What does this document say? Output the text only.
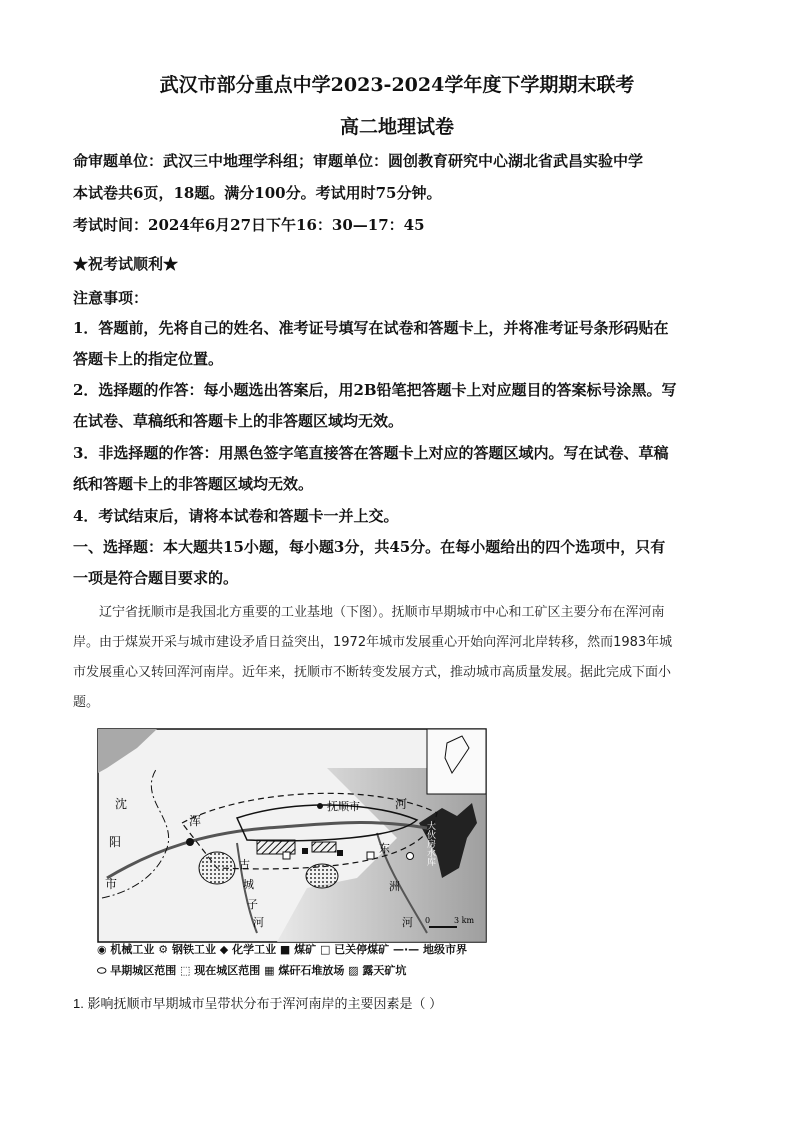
武汉市部分重点中学2023-2024学年度下学期期末联考
高二地理试卷
命审题单位：武汉三中地理学科组；审题单位：圆创教育研究中心湖北省武昌实验中学
本试卷共6页，18题。满分100分。考试用时75分钟。
考试时间：2024年6月27日下午16：30—17：45
★祝考试顺利★
注意事项：
1．答题前，先将自己的姓名、准考证号填写在试卷和答题卡上，并将准考证号条形码贴在
答题卡上的指定位置。
2．选择题的作答：每小题选出答案后，用2B铅笔把答题卡上对应题目的答案标号涂黑。写
在试卷、草稿纸和答题卡上的非答题区域均无效。
3．非选择题的作答：用黑色签字笔直接答在答题卡上对应的答题区域内。写在试卷、草稿
纸和答题卡上的非答题区域均无效。
4．考试结束后，请将本试卷和答题卡一并上交。
一、选择题：本大题共15小题，每小题3分，共45分。在每小题给出的四个选项中，只有
一项是符合题目要求的。
辽宁省抚顺市是我国北方重要的工业基地（下图）。抚顺市早期城市中心和工矿区主要分布在浑河南
岸。由于煤炭开采与城市建设矛盾日益突出，1972年城市发展重心开始向浑河北岸转移，然而1983年城
市发展重心又转回浑河南岸。近年来，抚顺市不断转变发展方式，推动城市高质量发展。据此完成下面小
题。
沈
阳
市
抚顺市
浑
河
古
城
子
河
东
洲
河
大伙房水库
0	3 km
◉ 机械工业 ⚙ 钢铁工业 ◆ 化学工业 ■ 煤矿 □ 已关停煤矿 —·— 地级市界
⬭ 早期城区范围 ⬚ 现在城区范围 ▦ 煤矸石堆放场 ▨ 露天矿坑
1. 影响抚顺市早期城市呈带状分布于浑河南岸的主要因素是（ ）
